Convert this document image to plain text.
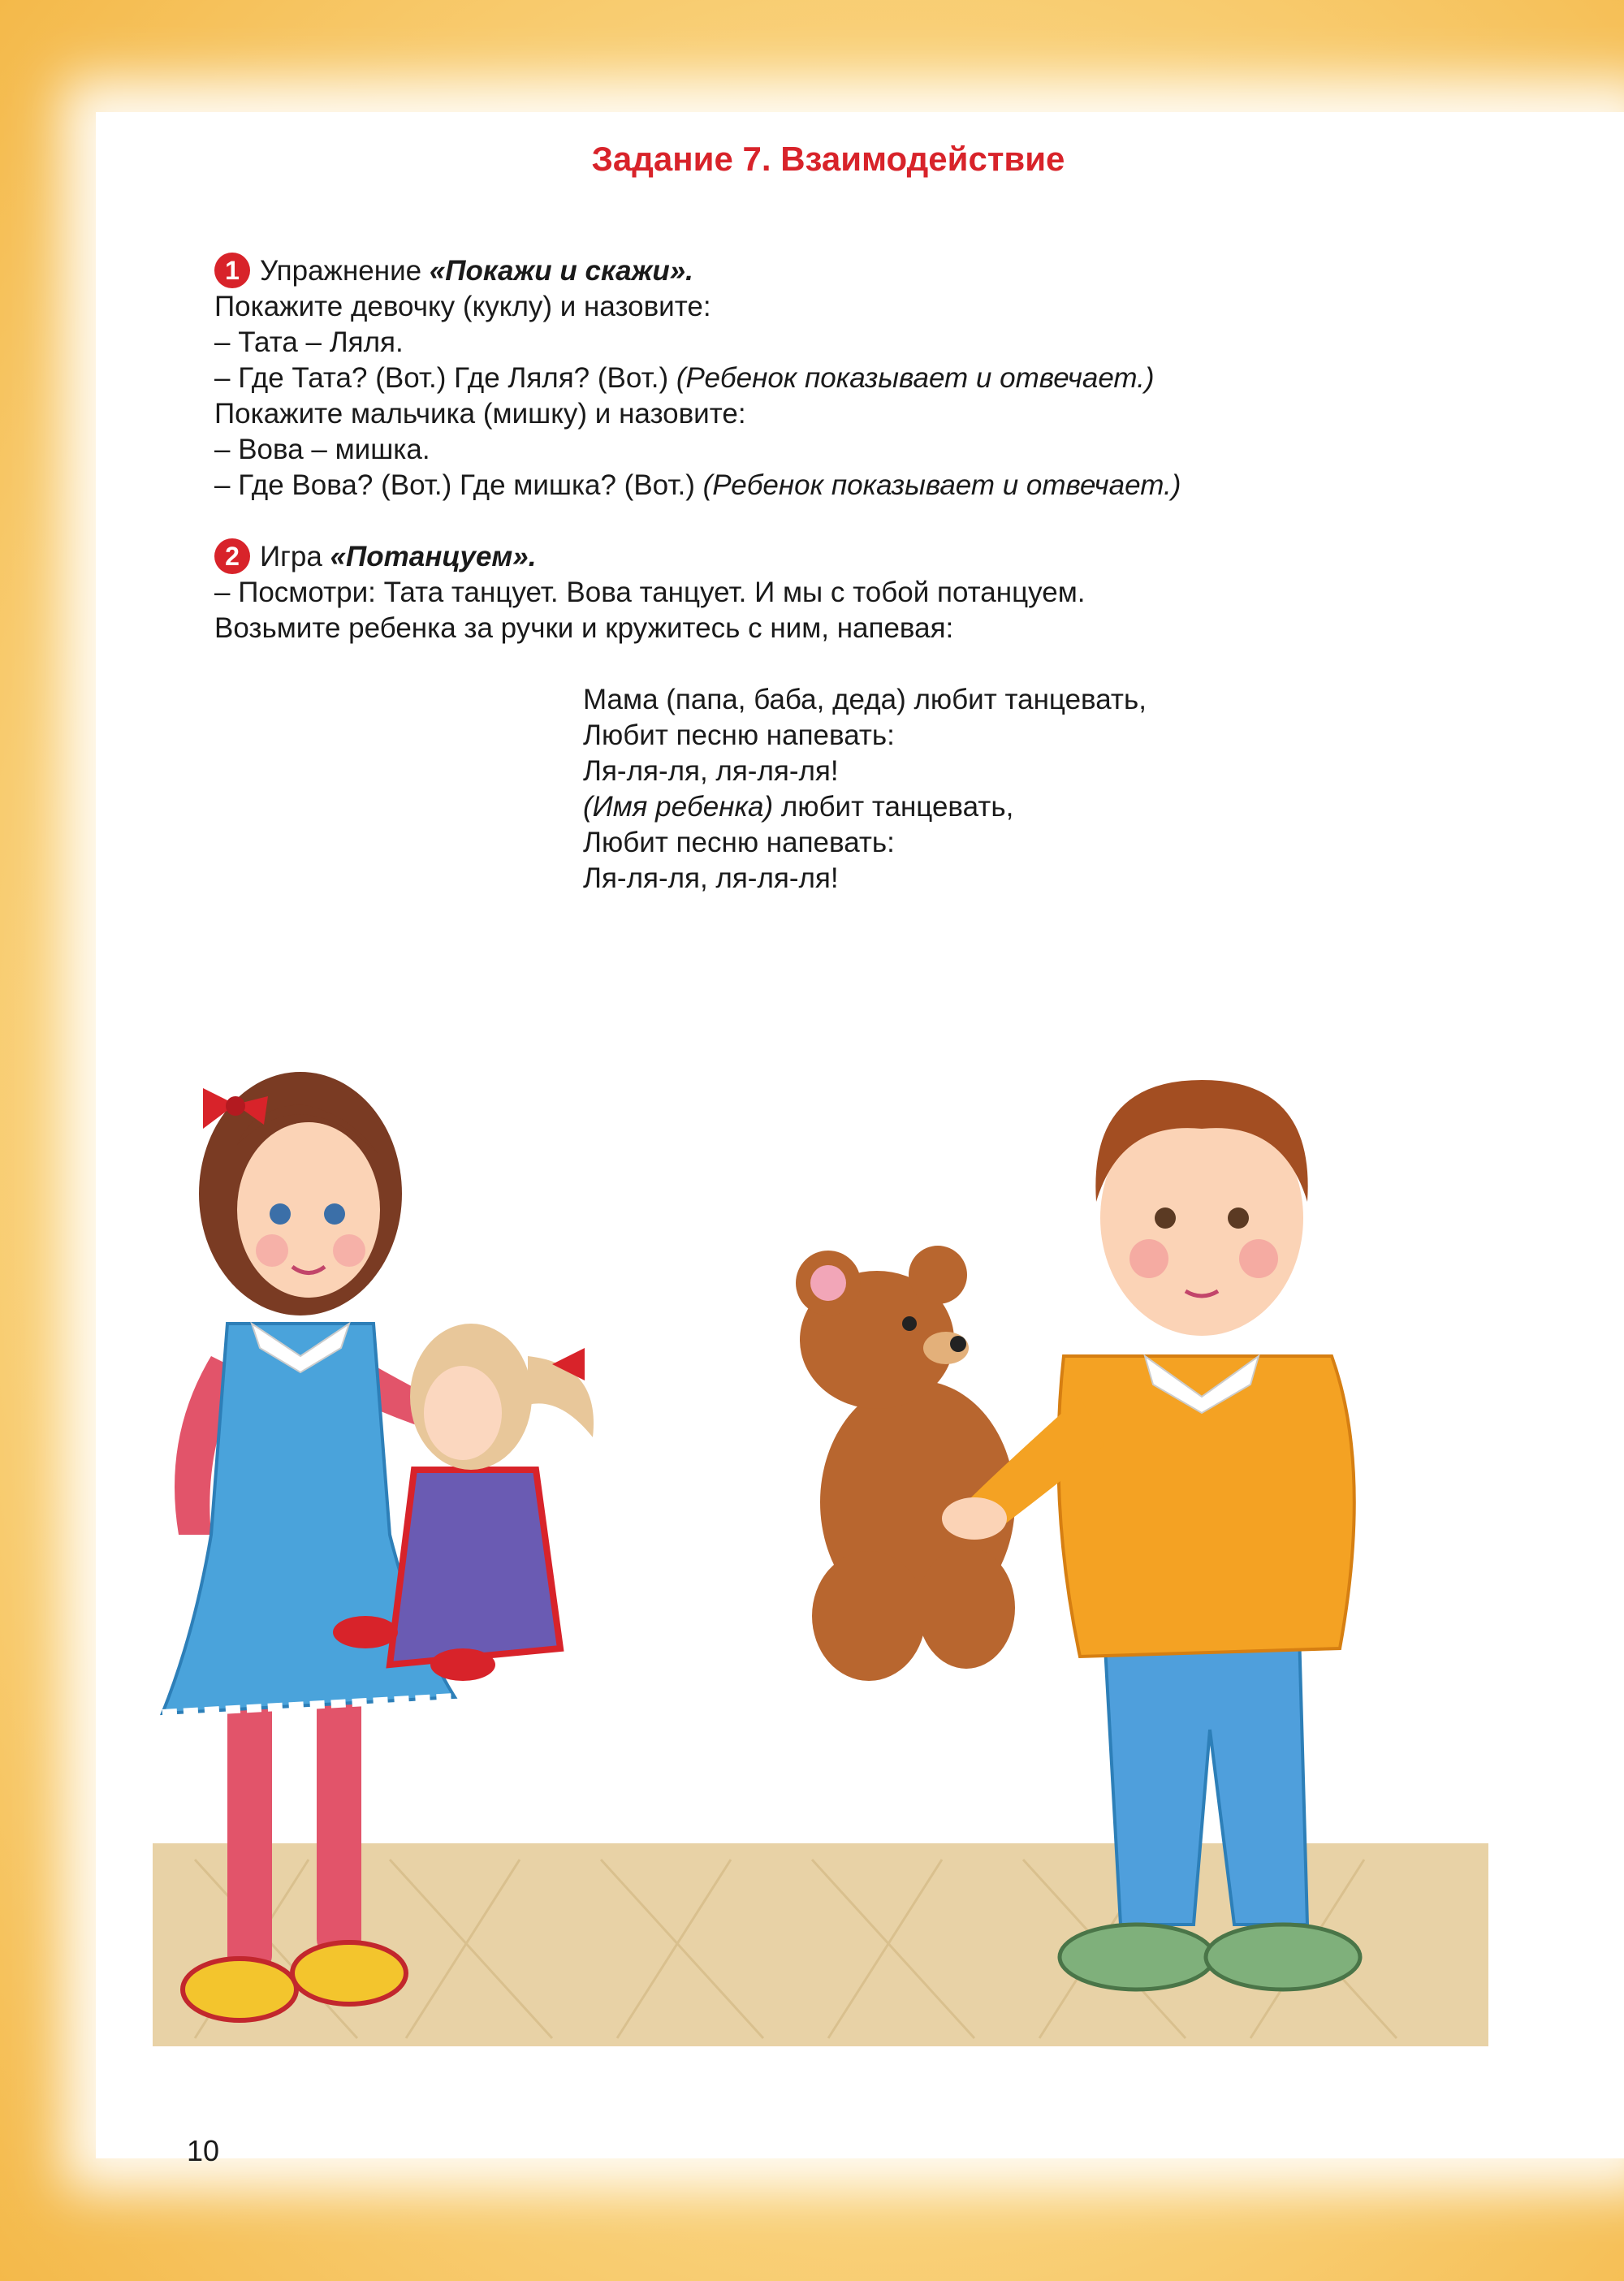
Задание 7. Взаимодействие
1 Упражнение «Покажи и скажи».
Покажите девочку (куклу) и назовите:
– Тата – Ляля.
– Где Тата? (Вот.) Где Ляля? (Вот.) (Ребенок показывает и отвечает.)
Покажите мальчика (мишку) и назовите:
– Вова – мишка.
– Где Вова? (Вот.) Где мишка? (Вот.) (Ребенок показывает и отвечает.)
2 Игра «Потанцуем».
– Посмотри: Тата танцует. Вова танцует. И мы с тобой потанцуем.
Возьмите ребенка за ручки и кружитесь с ним, напевая:
Мама (папа, баба, деда) любит танцевать,
Любит песню напевать:
Ля-ля-ля, ля-ля-ля!
(Имя ребенка) любит танцевать,
Любит песню напевать:
Ля-ля-ля, ля-ля-ля!
10
